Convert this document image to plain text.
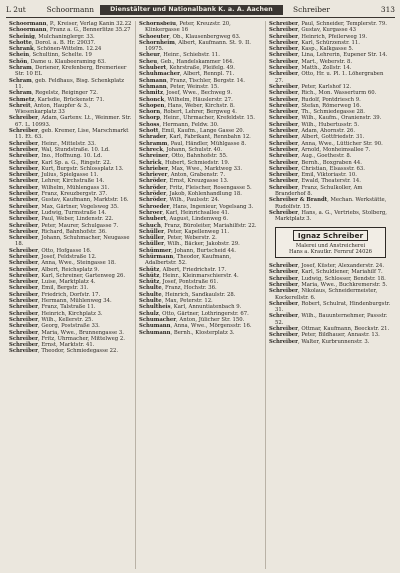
L 2ut	Schoormann	Dienstälter und Nationalbank K. a. A. Aachen	Schreiber	313
Schoormann, P., Kreiser, Verlag Kanin 32.22
Schoormann, Franz a. G., Bennerlitze 35.27
Scheinig, Mulchaninglergr. 33.
Schotte, Dorol. a. B. Hr. 29037.
Schrank, Schönen-Wittelm. 12.24
Schein, Schultinn, Schelte. 19
Schön, Dame u. Klaubeeraming 63.
Schram, Deriener, Krefenberg, Bremerieer Str. 10 EL
Schram, geb. Feldhaus, Bisg. Schenkplatz 11.
Schram, Regelstz, Reiginger 72.
Schmetz, Karlsdie, Brückenstr. 71.
Schreit, Anton, Haupfer & 3., Wiesenkarplatz 33
Schreiber, Adam, Gartenv. Lt., Weinmer. Str. 67. L. 10993.
Schreiber, geb. Kremer, Lise, Marschmarkt 11. Et. 63.
Schreiber, Heinr., Mittelstr. 33.
Schreiber, Wal, Stundstraße. 10. Ld.
Schreiber, Ino., Hoffnung. 10. Ld.
Schreiber, Karl Sp. a. G., Ringstr. 22.
Schreiber, Kurt, Burgstr. Schlossplatz 13.
Schreiber, Julius, Spielgasse 11.
Schreiber, Lehrer, Kirchstraße 14.
Schreiber, Wilhelm, Mühlengass 31.
Schreiber, Franz, Kreuzbergstr. 37.
Schreiber, Gustav, Kaufmann, Marktstr. 16.
Schreiber, Max, Gärtner, Vogelsweg 35.
Schreiber, Ludwig, Turmstraße 14.
Schreiber, Paul, Weber, Lindenstr. 22.
Schreiber, Peter, Maurer, Schulgasse 7.
Schreiber, Richard, Bahnhofstr. 36.
Schreiber, Johann, Schuhmacher, Neugasse 18.
Schreiber, Otto, Hofgasse 16.
Schreiber, Josef, Feldstraße 12.
Schreiber, Anna, Wwe., Steingasse 18.
Schreiber, Albert, Reichsplatz 9.
Schreiber, Karl, Schreiner, Gartenweg 26.
Schreiber, Luise, Marktplatz 4.
Schreiber, Emil, Bergstr. 31.
Schreiber, Friedrich, Dorfstr. 17.
Schreiber, Hermann, Mühlenweg 34.
Schreiber, Franz, Talstraße 11.
Schreiber, Heinrich, Kirchplatz 3.
Schreiber, Wilh., Kellerstr. 25.
Schreiber, Georg, Poststraße 33.
Schreiber, Maria, Wwe., Brunnengasse 3.
Schreiber, Fritz, Uhrmacher, Mittelweg 2.
Schreiber, Ernst, Marktstr. 41.
Schreiber, Theodor, Schmiedegasse 22.
Schornsbeiu, Peter, Kreuzstr. 20, Klinkergasse 16
Schoeuter, Ob., Klausenbergweg 63.
Schornheim, Albert, Kaufmann. St. 9. II. 10975.
Scheur, Heinr., Schiebstr. 11.
Scheu, Geb., Handelskammer 164.
Schubert, Kehrstraße, Pleifelg. 49.
Schuhmacher, Albert, Rennpl. 71.
Schmann, Franz, Tischler, Bergstr. 14.
Schmann, Peter, Weinstr. 15.
Schmitz, Josef, Wwe., Bechweg 9.
Schonck, Wilhelm, Häuslerstr. 27.
Schopen, Hans, Weber, Kirchstr. 8.
Schorn, Robert, Lehrer, Bergweg 4.
Schorp, Heinr., Uhrmacher, Krefeldstr. 15.
Schoss, Hermann, Feldw. 30.
Schott, Emil, Kaufm., Lange Gasse 20.
Schrader, Karl, Fabrikant, Rennbahn 12.
Schramm, Paul, Händler, Mühlgasse 8.
Schreck, Johann, Schulstr. 40.
Schreiner, Otto, Bahnhofstr. 55.
Schrick, Hubert, Schmiedstr. 19.
Schrieber, Max, Wwe., Marktweg 33.
Schriever, Anton, Grabenstr. 7.
Schröder, Ernst, Kreuzgasse 13.
Schröder, Fritz, Fleischer, Rosengasse 5.
Schröder, Jakob, Kohlenhandlung 18.
Schröder, Wilh., Paulsstr. 24.
Schroeder, Hans, Ingenieur, Vogelsang 3.
Schroer, Karl, Heinrichsallee 41.
Schubert, August, Lindenweg 6.
Schuch, Franz, Büroleiter, Mariahilfstr. 22.
Schüller, Peter, Kapellenweg 11.
Schüller, Peter, Weberstr. 2.
Schüller, Wilh., Bäcker, Jakobstr. 29.
Schümmer, Johann, Burtscheid 44.
Schürmann, Theodor, Kaufmann, Adalbertstr. 52.
Schütz, Albert, Friedrichstr. 17.
Schütz, Heinr., Kleinmarschierstr. 4.
Schütz, Josef, Pontstraße 61.
Schulte, Franz, Hochstr. 36.
Schulte, Heinrich, Sandkaulstr. 28.
Schulte, Max, Peterstr. 12.
Schultheis, Karl, Annuntiatenbach 9.
Schulz, Otto, Gärtner, Lothringerstr. 67.
Schumacher, Anton, Jülicher Str. 150.
Schumann, Anna, Wwe., Mörgensstr. 16.
Schumann, Bernh., Klosterplatz 3.
Schreiber, Paul, Schneider, Templerstr. 79.
Schreiber, Gustav, Kurgasse 43
Schreiber, Heinrich, Pfeilerweg 19.
Schreiber, Karl, Schürzenstr. 11.
Schreiber, Kasp., Kalkgasse 5.
Schreiber, Lina, Lehrerin, Eupener Str. 14.
Schreiber, Mart., Weberstr. 8.
Schreiber, Matth., Zollstr. 14.
Schreiber, Otto, Hr. u. Pl. 1. Löhergraben 27.
Schreiber, Peter, Karlshof 12.
Schreiber, Rich., Mon. Wasserturm 60.
Schreiber, Rudolf, Pontdriesch 9.
Schreiber, Stefan, Römerweg 16.
Schreiber, Th., Schmiedegasse 28.
Schreiber, Wilh., Kaufm., Oranienstr. 39.
Schreiber, Wilh., Hubertusstr. 5.
Schreiber, Adam, Ahornstr. 26.
Schreiber, Albert, Gottfriedstr. 31.
Schreiber, Anna, Wwe., Lütticher Str. 90.
Schreiber, Arnold, Monheimsallee 7.
Schreiber, Aug., Goethestr. 8.
Schreiber, Bernh., Boxgraben 44.
Schreiber, Christian, Elsassstr. 63.
Schreiber, Emil, Viktoriastr. 10.
Schreiber, Ewald, Theaterstr. 14.
Schreiber, Franz, Schulkoller, Am Branderhof 8.
Schreiber & Brandt, Mechan. Werkstätte, Rudolfstr. 15.
Schreiber, Hans, a. G., Vertriebs, Stolberg, Marktplatz 3.
Ignaz Schreiber
Malerei und Anstreicherei
Hans a. Krautkr. Fernruf 24026
Schreiber, Josef, Küster, Alexanderstr. 24.
Schreiber, Karl, Schuldiener, Mariahilf 7.
Schreiber, Ludwig, Schlosser, Bendstr. 18.
Schreiber, Maria, Wwe., Buchkremerstr. 5.
Schreiber, Nikolaus, Schneidermeister, Kockerellstr. 6.
Schreiber, Robert, Schulrat, Hindenburgstr. 31.
Schreiber, Wilh., Bauunternehmer, Passstr. 52.
Schreiber, Ottmar, Kaufmann, Beeckstr. 21.
Schreiber, Peter, Bildhauer, Annastr. 13.
Schreiber, Walter, Kurbrunnenstr. 3.
